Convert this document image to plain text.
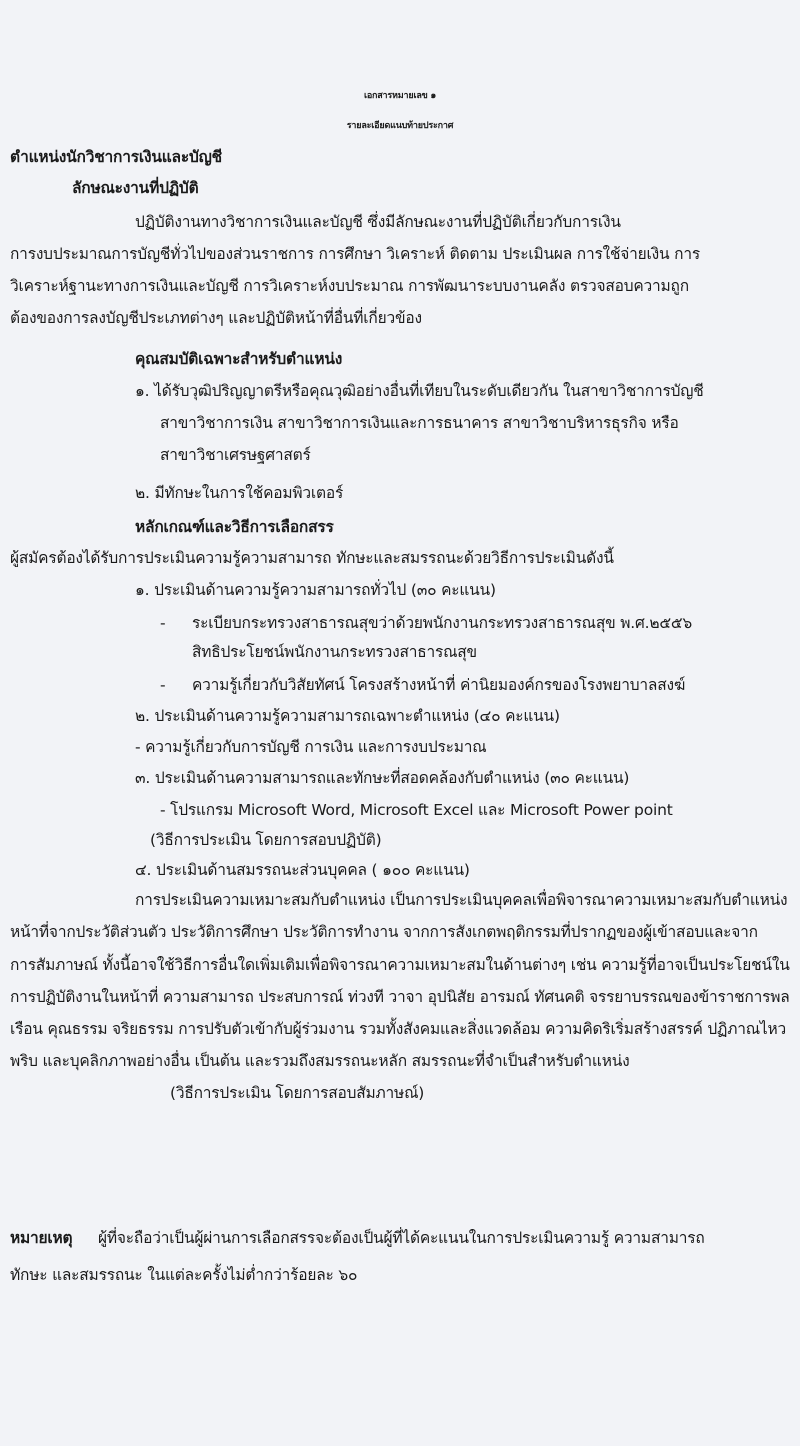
เอกสารหมายเลข ๑
รายละเอียดแนบท้ายประกาศ
ตำแหน่งนักวิชาการเงินและบัญชี
ลักษณะงานที่ปฏิบัติ
ปฏิบัติงานทางวิชาการเงินและบัญชี ซึ่งมีลักษณะงานที่ปฏิบัติเกี่ยวกับการเงิน
การงบประมาณการบัญชีทั่วไปของส่วนราชการ การศึกษา วิเคราะห์ ติดตาม ประเมินผล การใช้จ่ายเงิน การ
วิเคราะห์ฐานะทางการเงินและบัญชี การวิเคราะห์งบประมาณ การพัฒนาระบบงานคลัง ตรวจสอบความถูก
ต้องของการลงบัญชีประเภทต่างๆ และปฏิบัติหน้าที่อื่นที่เกี่ยวข้อง
คุณสมบัติเฉพาะสำหรับตำแหน่ง
๑. ได้รับวุฒิปริญญาตรีหรือคุณวุฒิอย่างอื่นที่เทียบในระดับเดียวกัน ในสาขาวิชาการบัญชี
สาขาวิชาการเงิน สาขาวิชาการเงินและการธนาคาร สาขาวิชาบริหารธุรกิจ หรือ
สาขาวิชาเศรษฐศาสตร์
๒. มีทักษะในการใช้คอมพิวเตอร์
หลักเกณฑ์และวิธีการเลือกสรร
ผู้สมัครต้องได้รับการประเมินความรู้ความสามารถ ทักษะและสมรรถนะด้วยวิธีการประเมินดังนี้
๑. ประเมินด้านความรู้ความสามารถทั่วไป (๓๐ คะแนน)
- ระเบียบกระทรวงสาธารณสุขว่าด้วยพนักงานกระทรวงสาธารณสุข พ.ศ.๒๕๕๖
สิทธิประโยชน์พนักงานกระทรวงสาธารณสุข
- ความรู้เกี่ยวกับวิสัยทัศน์ โครงสร้างหน้าที่ ค่านิยมองค์กรของโรงพยาบาลสงฆ์
๒. ประเมินด้านความรู้ความสามารถเฉพาะตำแหน่ง (๔๐ คะแนน)
- ความรู้เกี่ยวกับการบัญชี การเงิน และการงบประมาณ
๓. ประเมินด้านความสามารถและทักษะที่สอดคล้องกับตำแหน่ง (๓๐ คะแนน)
- โปรแกรม Microsoft Word, Microsoft Excel และ Microsoft Power point
(วิธีการประเมิน โดยการสอบปฏิบัติ)
๔. ประเมินด้านสมรรถนะส่วนบุคคล ( ๑๐๐ คะแนน)
การประเมินความเหมาะสมกับตำแหน่ง เป็นการประเมินบุคคลเพื่อพิจารณาความเหมาะสมกับตำแหน่ง
หน้าที่จากประวัติส่วนตัว ประวัติการศึกษา ประวัติการทำงาน จากการสังเกตพฤติกรรมที่ปรากฏของผู้เข้าสอบและจาก
การสัมภาษณ์ ทั้งนี้อาจใช้วิธีการอื่นใดเพิ่มเติมเพื่อพิจารณาความเหมาะสมในด้านต่างๆ เช่น ความรู้ที่อาจเป็นประโยชน์ใน
การปฏิบัติงานในหน้าที่ ความสามารถ ประสบการณ์ ท่วงที วาจา อุปนิสัย อารมณ์ ทัศนคติ จรรยาบรรณของข้าราชการพล
เรือน คุณธรรม จริยธรรม การปรับตัวเข้ากับผู้ร่วมงาน รวมทั้งสังคมและสิ่งแวดล้อม ความคิดริเริ่มสร้างสรรค์ ปฏิภาณไหว
พริบ และบุคลิกภาพอย่างอื่น เป็นต้น และรวมถึงสมรรถนะหลัก สมรรถนะที่จำเป็นสำหรับตำแหน่ง
(วิธีการประเมิน โดยการสอบสัมภาษณ์)
หมายเหตุ ผู้ที่จะถือว่าเป็นผู้ผ่านการเลือกสรรจะต้องเป็นผู้ที่ได้คะแนนในการประเมินความรู้ ความสามารถ
ทักษะ และสมรรถนะ ในแต่ละครั้งไม่ต่ำกว่าร้อยละ ๖๐
